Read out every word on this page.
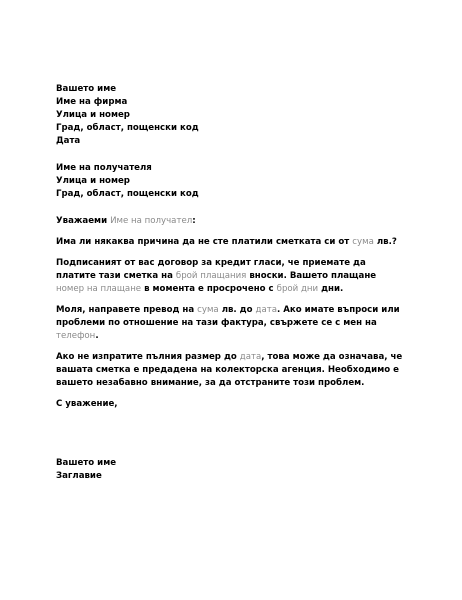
Вашето име
Име на фирма
Улица и номер
Град, област, пощенски код
Дата
Име на получателя
Улица и номер
Град, област, пощенски код

Уважаеми Име на получател:

Има ли някаква причина да не сте платили сметката си от сума лв.?

Подписаният от вас договор за кредит гласи, че приемате да платите тази сметка на брой плащания вноски. Вашето плащане номер на плащане в момента е просрочено с брой дни дни.

Моля, направете превод на сума лв. до дата. Ако имате въпроси или проблеми по отношение на тази фактура, свържете се с мен на телефон.

Ако не изпратите пълния размер до дата, това може да означава, че вашата сметка е предадена на колекторска агенция. Необходимо е вашето незабавно внимание, за да отстраните този проблем.

С уважение,

Вашето име
Заглавие
